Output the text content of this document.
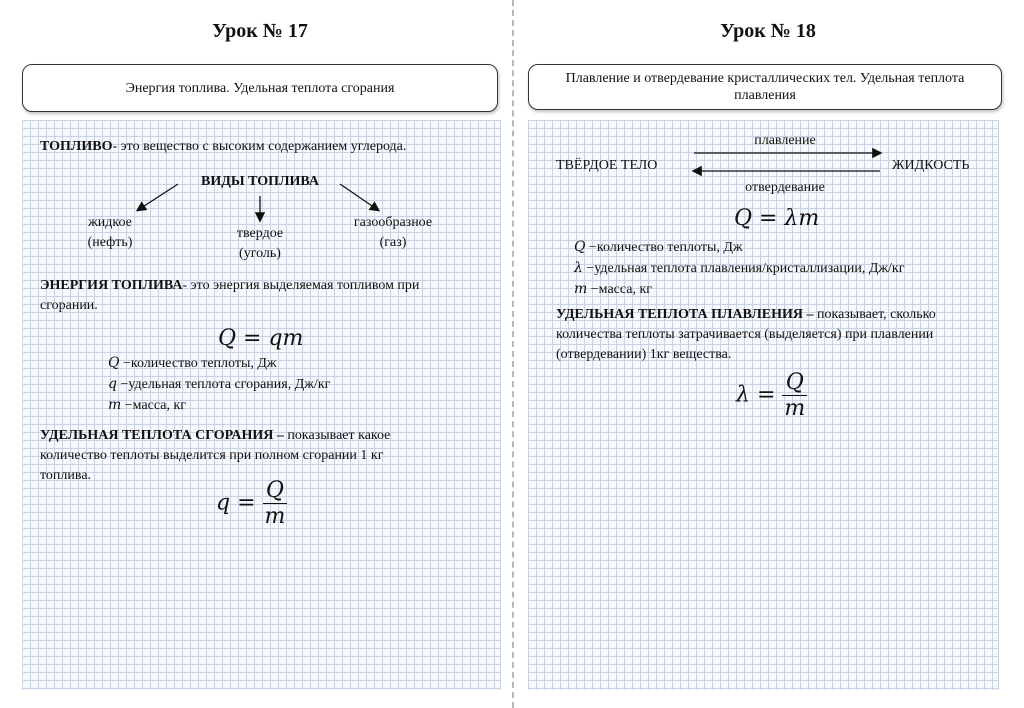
Урок № 17
Энергия топлива. Удельная теплота сгорания
ТОПЛИВО- это вещество с высоким содержанием углерода.
ВИДЫ ТОПЛИВА
жидкое
(нефть)
твердое
(уголь)
газообразное
(газ)
ЭНЕРГИЯ ТОПЛИВА- это энергия выделяемая топливом при
сгорании.
Q = qm
Q −количество теплоты, Дж
q −удельная теплота сгорания, Дж/кг
m −масса, кг
УДЕЛЬНАЯ ТЕПЛОТА СГОРАНИЯ – показывает какое
количество теплоты выделится при полном сгорании 1 кг
топлива.
$q = \frac{Q}{m}$
Урок № 18
Плавление и отвердевание кристаллических тел. Удельная теплота плавления
плавление
ТВЁРДОЕ ТЕЛО	ЖИДКОСТЬ
отвердевание
Q = λm
Q −количество теплоты, Дж
λ −удельная теплота плавления/кристаллизации, Дж/кг
m −масса, кг
УДЕЛЬНАЯ ТЕПЛОТА ПЛАВЛЕНИЯ – показывает, сколько
количества теплоты затрачивается (выделяется) при плавлении
(отвердевании) 1кг вещества.
$\lambda = \frac{Q}{m}$
